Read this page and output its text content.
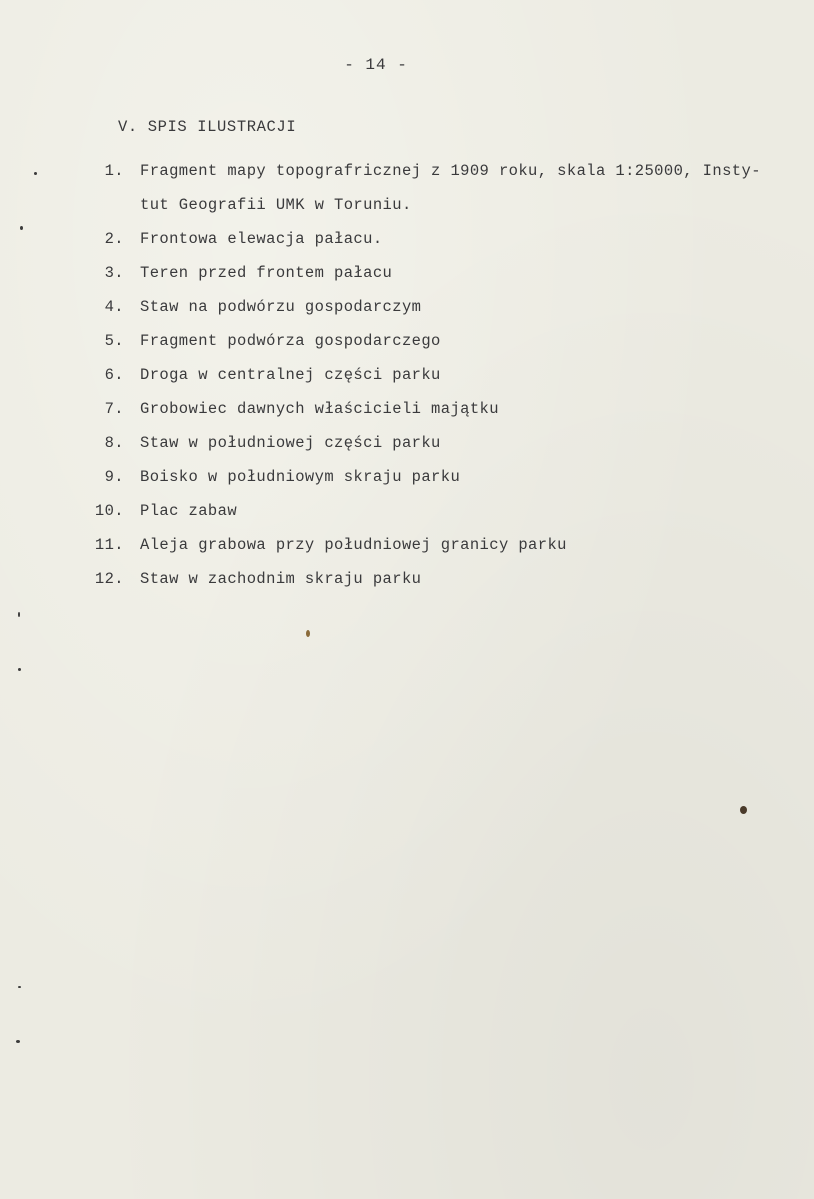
- 14 -
V. SPIS ILUSTRACJI
1. Fragment mapy topografricznej z 1909 roku, skala 1:25000, Insty-
tut Geografii UMK w Toruniu.
2. Frontowa elewacja pałacu.
3. Teren przed frontem pałacu
4. Staw na podwórzu gospodarczym
5. Fragment podwórza gospodarczego
6. Droga w centralnej części parku
7. Grobowiec dawnych właścicieli majątku
8. Staw w południowej części parku
9. Boisko w południowym skraju parku
10. Plac zabaw
11. Aleja grabowa przy południowej granicy parku
12. Staw w zachodnim skraju parku
